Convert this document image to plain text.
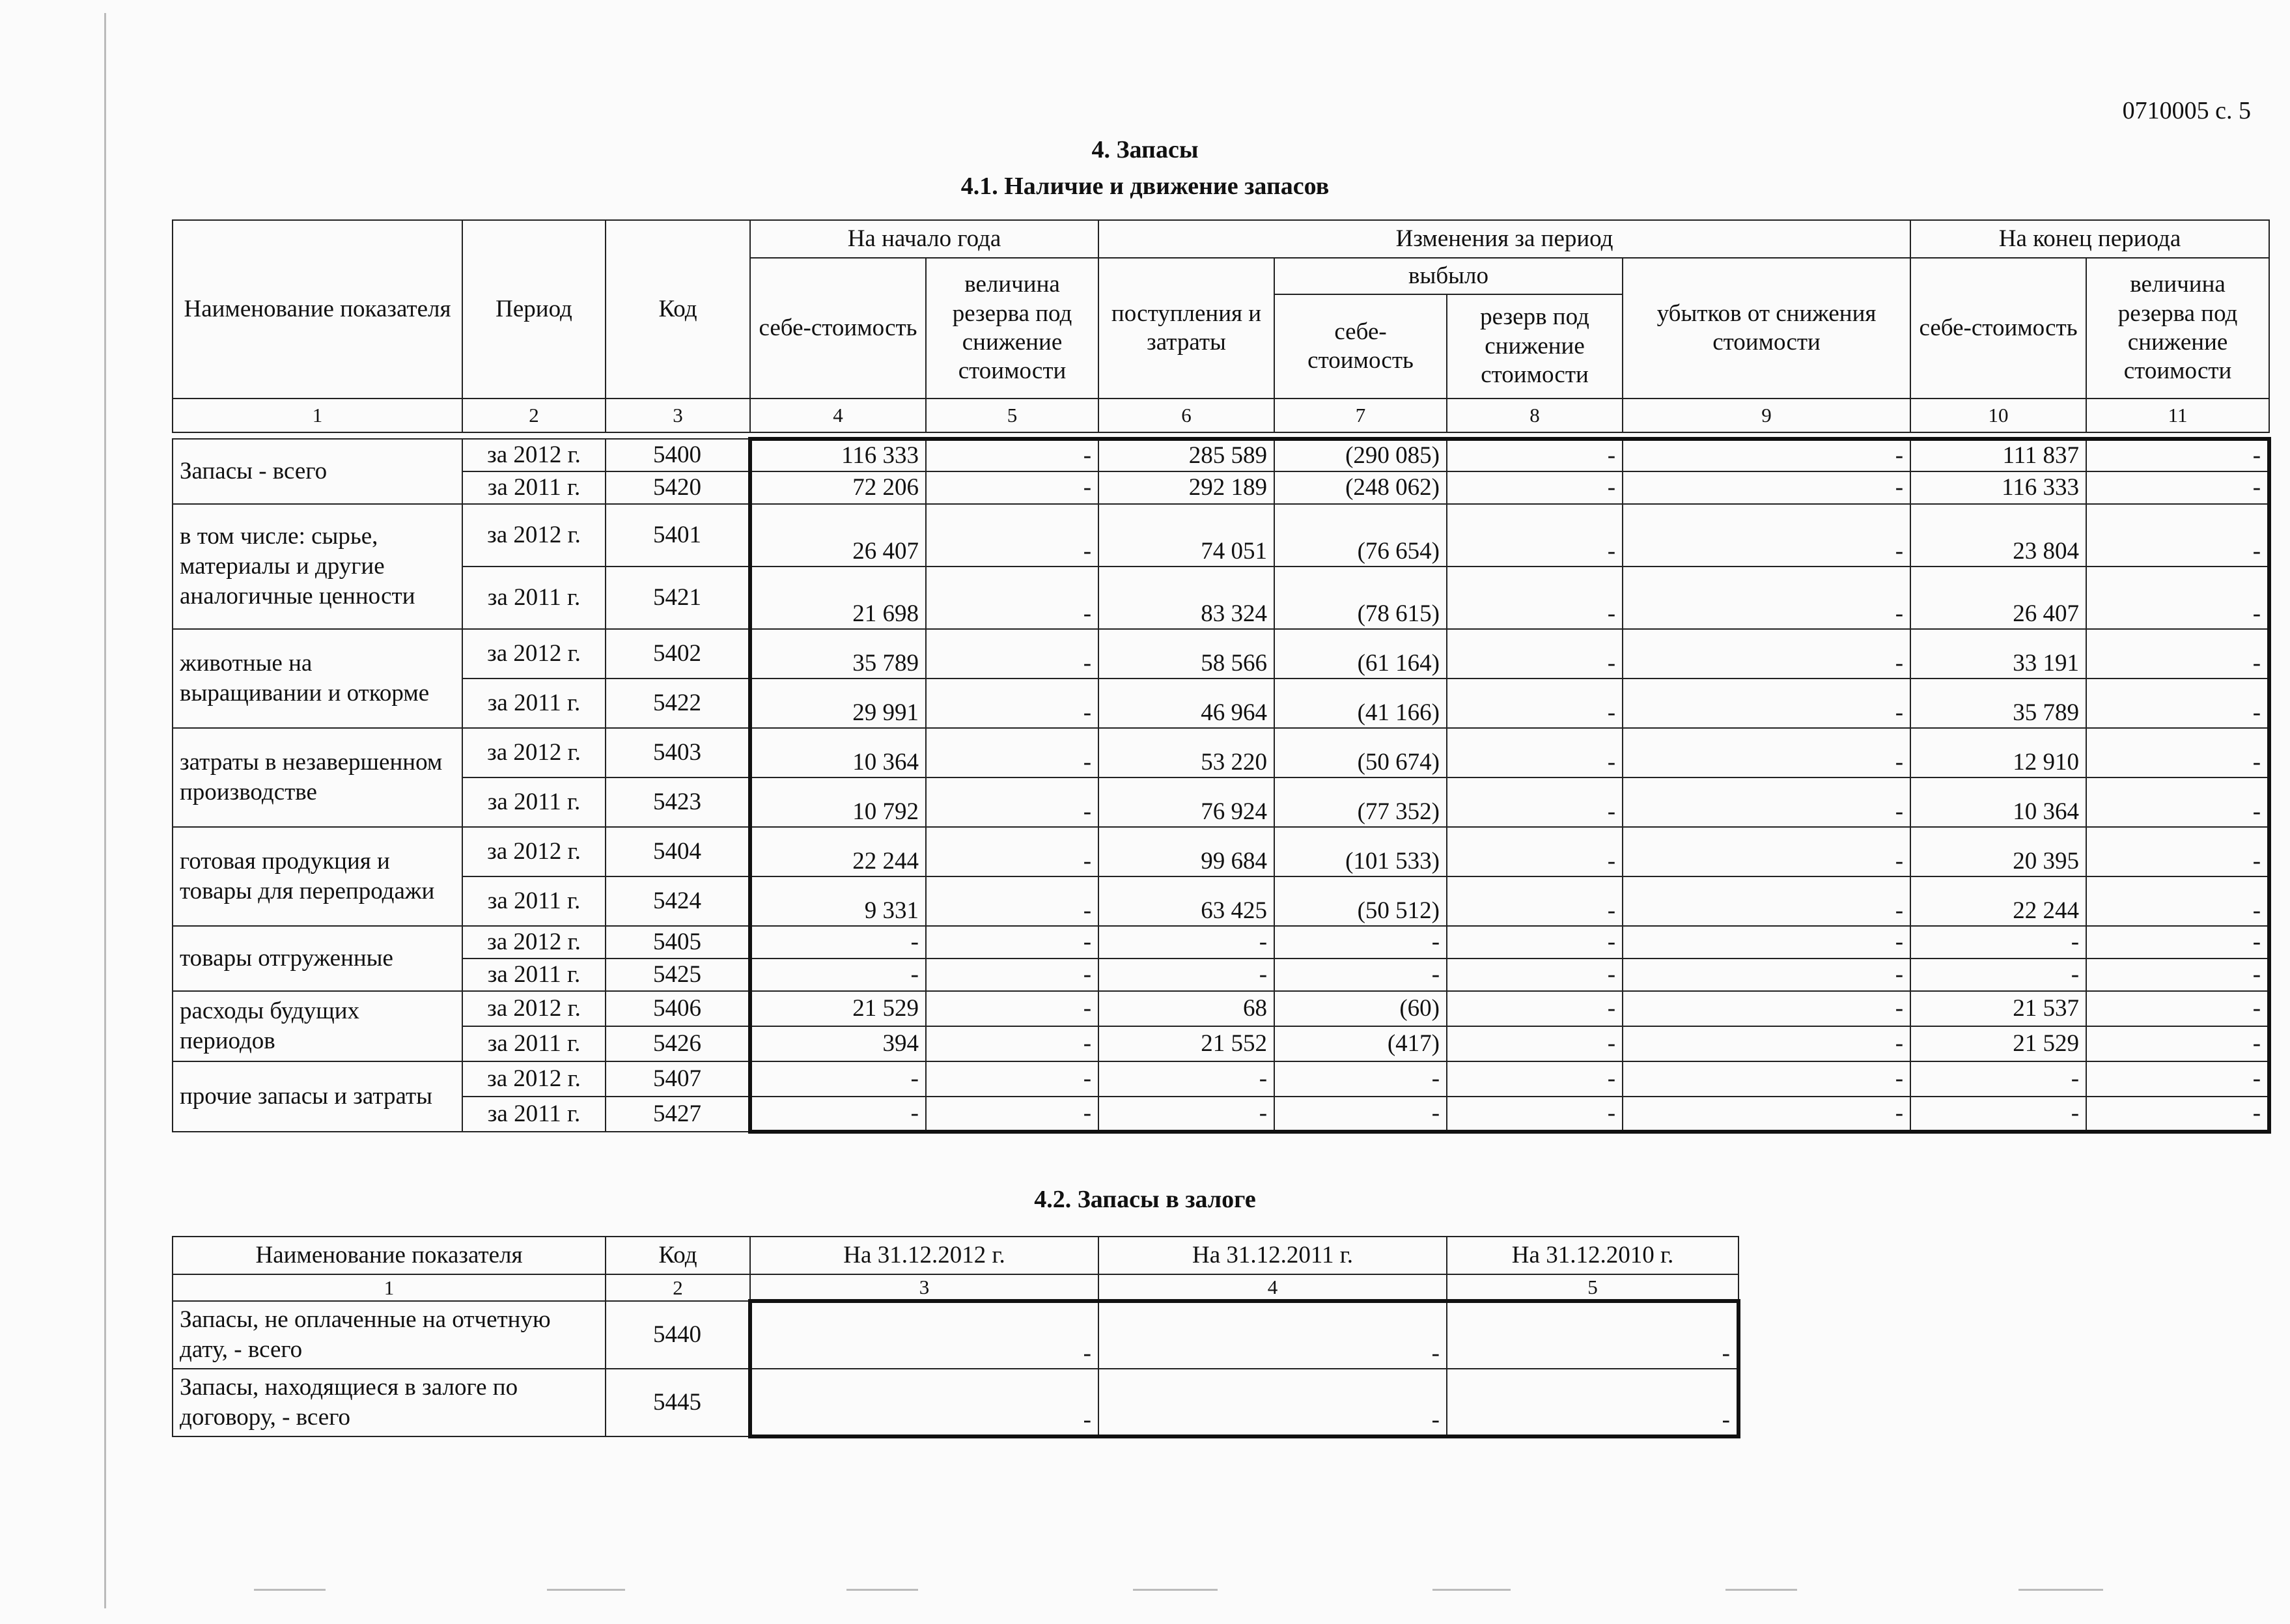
0710005 с. 5
4. Запасы
4.1. Наличие и движение запасов
Наименование показателя	Период	Код	На начало года		Изменения за период				На конец периода	
			себе-стоимость	величина резерва под снижение стоимости	поступления и затраты	выбыло		убытков от снижения стоимости	себе-стоимость	величина резерва под снижение стоимости
						себе-стоимость	резерв под снижение стоимости			
1	2	3	4	5	6	7	8	9	10	11

Запасы - всего	за 2012 г.	5400	116 333	-	285 589	(290 085)	-	-	111 837	-
	за 2011 г.	5420	72 206	-	292 189	(248 062)	-	-	116 333	-
в том числе: сырье, материалы и другие аналогичные ценности	за 2012 г.	5401	26 407	-	74 051	(76 654)	-	-	23 804	-
	за 2011 г.	5421	21 698	-	83 324	(78 615)	-	-	26 407	-
животные на выращивании и откорме	за 2012 г.	5402	35 789	-	58 566	(61 164)	-	-	33 191	-
	за 2011 г.	5422	29 991	-	46 964	(41 166)	-	-	35 789	-
затраты в незавершенном производстве	за 2012 г.	5403	10 364	-	53 220	(50 674)	-	-	12 910	-
	за 2011 г.	5423	10 792	-	76 924	(77 352)	-	-	10 364	-
готовая продукция и товары для перепродажи	за 2012 г.	5404	22 244	-	99 684	(101 533)	-	-	20 395	-
	за 2011 г.	5424	9 331	-	63 425	(50 512)	-	-	22 244	-
товары отгруженные	за 2012 г.	5405	-	-	-	-	-	-	-	-
	за 2011 г.	5425	-	-	-	-	-	-	-	-
расходы будущих периодов	за 2012 г.	5406	21 529	-	68	(60)	-	-	21 537	-
	за 2011 г.	5426	394	-	21 552	(417)	-	-	21 529	-
прочие запасы и затраты	за 2012 г.	5407	-	-	-	-	-	-	-	-
	за 2011 г.	5427	-	-	-	-	-	-	-	-
4.2. Запасы в залоге
Наименование показателя	Код	На 31.12.2012 г.	На 31.12.2011 г.	На 31.12.2010 г.
1	2	3	4	5
Запасы, не оплаченные на отчетную дату, - всего	5440	-	-	-
Запасы, находящиеся в залоге по договору, - всего	5445	-	-	-
